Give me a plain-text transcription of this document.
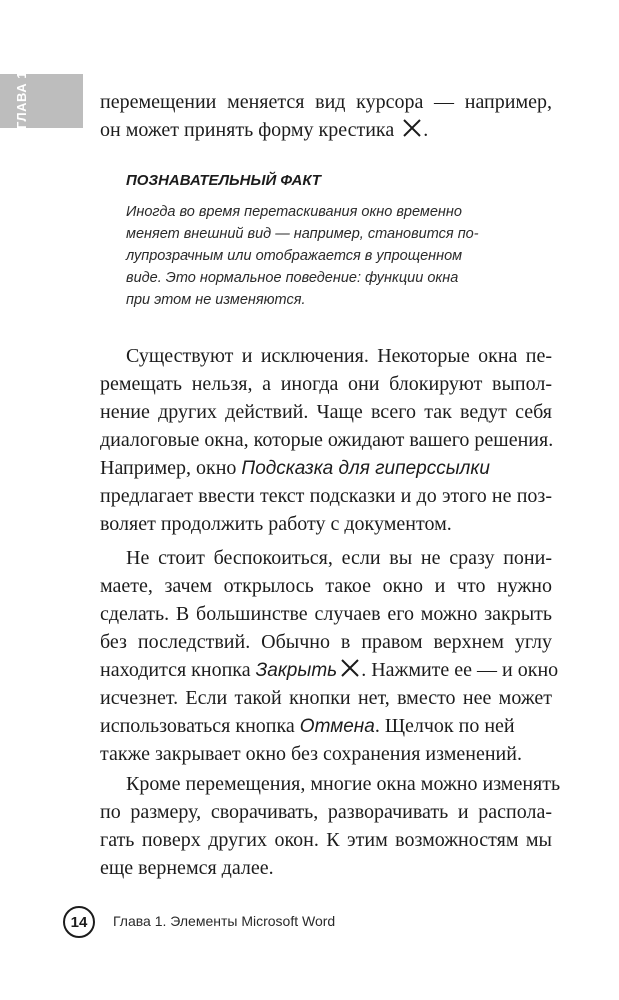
ГЛАВА 1	перемещении меняется вид курсора — например,
он может принять форму крестика .
ПОЗНАВАТЕЛЬНЫЙ ФАКТ
Иногда во время перетаскивания окно временно
меняет внешний вид — например, становится по-
лупрозрачным или отображается в упрощенном
виде. Это нормальное поведение: функции окна
при этом не изменяются.
Существуют и исключения. Некоторые окна пе-
ремещать нельзя, а иногда они блокируют выпол-
нение других действий. Чаще всего так ведут себя
диалоговые окна, которые ожидают вашего решения.
Например, окно Подсказка для гиперссылки
предлагает ввести текст подсказки и до этого не поз-
воляет продолжить работу с документом.
Не стоит беспокоиться, если вы не сразу пони-
маете, зачем открылось такое окно и что нужно
сделать. В большинстве случаев его можно закрыть
без последствий. Обычно в правом верхнем углу
находится кнопка Закрыть . Нажмите ее — и окно
исчезнет. Если такой кнопки нет, вместо нее может
использоваться кнопка Отмена. Щелчок по ней
также закрывает окно без сохранения изменений.
Кроме перемещения, многие окна можно изменять
по размеру, сворачивать, разворачивать и распола-
гать поверх других окон. К этим возможностям мы
еще вернемся далее.
14	Глава 1. Элементы Microsoft Word
